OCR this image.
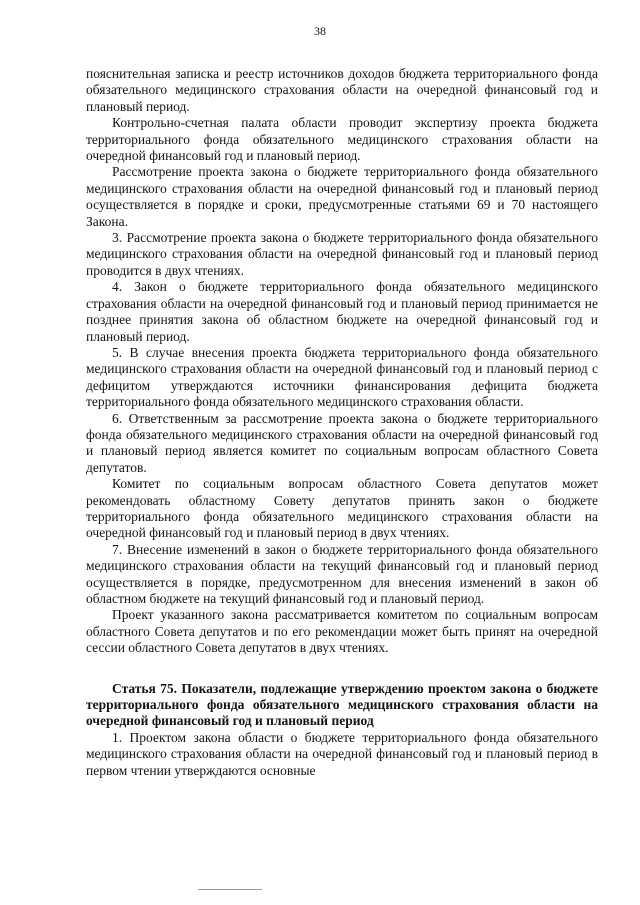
38

пояснительная записка и реестр источников доходов бюджета территориального фонда обязательного медицинского страхования области на очередной финансовый год и плановый период.

Контрольно-счетная палата области проводит экспертизу проекта бюджета территориального фонда обязательного медицинского страхования области на очередной финансовый год и плановый период.

Рассмотрение проекта закона о бюджете территориального фонда обязательного медицинского страхования области на очередной финансовый год и плановый период осуществляется в порядке и сроки, предусмотренные статьями 69 и 70 настоящего Закона.

3. Рассмотрение проекта закона о бюджете территориального фонда обязательного медицинского страхования области на очередной финансовый год и плановый период проводится в двух чтениях.

4. Закон о бюджете территориального фонда обязательного медицинского страхования области на очередной финансовый год и плановый период принимается не позднее принятия закона об областном бюджете на очередной финансовый год и плановый период.

5. В случае внесения проекта бюджета территориального фонда обязательного медицинского страхования области на очередной финансовый год и плановый период с дефицитом утверждаются источники финансирования дефицита бюджета территориального фонда обязательного медицинского страхования области.

6. Ответственным за рассмотрение проекта закона о бюджете территориального фонда обязательного медицинского страхования области на очередной финансовый год и плановый период является комитет по социальным вопросам областного Совета депутатов.

Комитет по социальным вопросам областного Совета депутатов может рекомендовать областному Совету депутатов принять закон о бюджете территориального фонда обязательного медицинского страхования области на очередной финансовый год и плановый период в двух чтениях.

7. Внесение изменений в закон о бюджете территориального фонда обязательного медицинского страхования области на текущий финансовый год и плановый период осуществляется в порядке, предусмотренном для внесения изменений в закон об областном бюджете на текущий финансовый год и плановый период.

Проект указанного закона рассматривается комитетом по социальным вопросам областного Совета депутатов и по его рекомендации может быть принят на очередной сессии областного Совета депутатов в двух чтениях.

Статья 75. Показатели, подлежащие утверждению проектом закона о бюджете территориального фонда обязательного медицинского страхования области на очередной финансовый год и плановый период

1. Проектом закона области о бюджете территориального фонда обязательного медицинского страхования области на очередной финансовый год и плановый период в первом чтении утверждаются основные
